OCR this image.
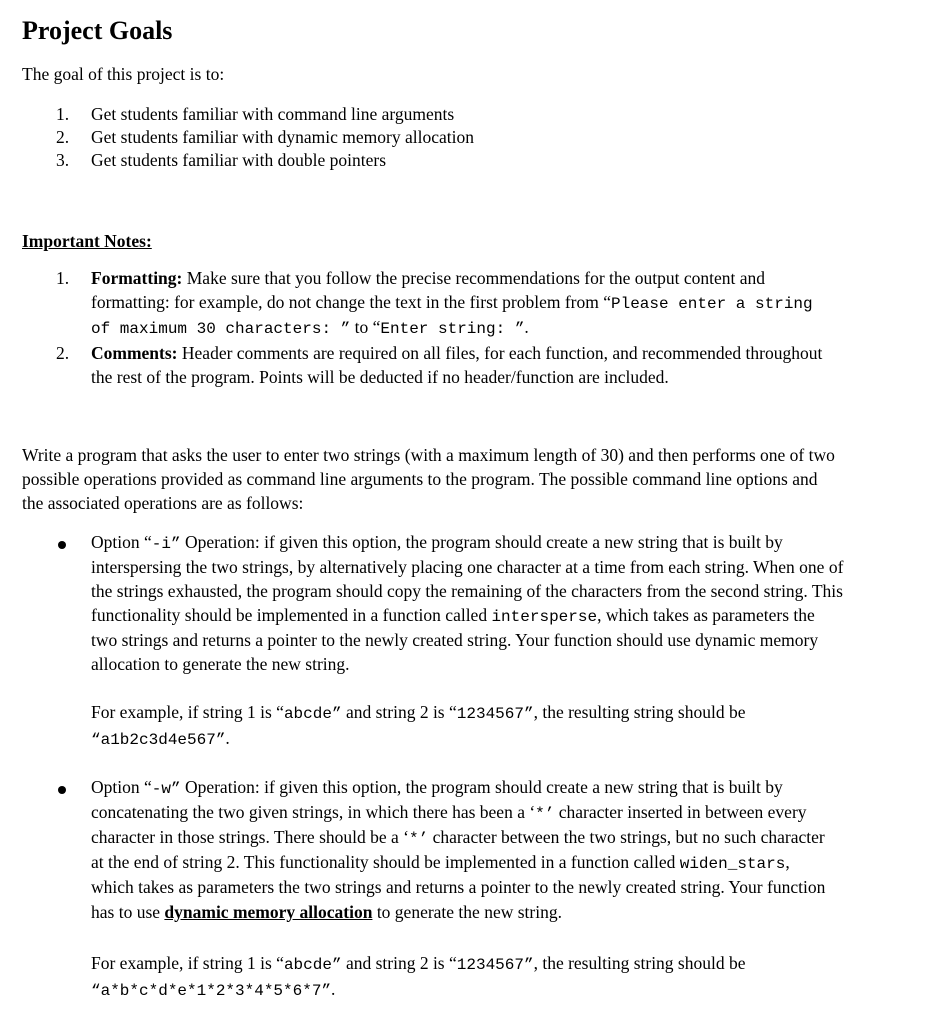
Project Goals
The goal of this project is to:
1. Get students familiar with command line arguments
2. Get students familiar with dynamic memory allocation
3. Get students familiar with double pointers
Important Notes:
1. Formatting: Make sure that you follow the precise recommendations for the output content and
formatting: for example, do not change the text in the first problem from “Please enter a string
of maximum 30 characters: ” to “Enter string: ”.
2. Comments: Header comments are required on all files, for each function, and recommended throughout
the rest of the program. Points will be deducted if no header/function are included.
Write a program that asks the user to enter two strings (with a maximum length of 30) and then performs one of two
possible operations provided as command line arguments to the program. The possible command line options and
the associated operations are as follows:
Option “-i” Operation: if given this option, the program should create a new string that is built by
interspersing the two strings, by alternatively placing one character at a time from each string. When one of
the strings exhausted, the program should copy the remaining of the characters from the second string. This
functionality should be implemented in a function called intersperse, which takes as parameters the
two strings and returns a pointer to the newly created string. Your function should use dynamic memory
allocation to generate the new string.
For example, if string 1 is “abcde” and string 2 is “1234567”, the resulting string should be
“a1b2c3d4e567”.
Option “-w” Operation: if given this option, the program should create a new string that is built by
concatenating the two given strings, in which there has been a ‘*’ character inserted in between every
character in those strings. There should be a ‘*’ character between the two strings, but no such character
at the end of string 2. This functionality should be implemented in a function called widen_stars,
which takes as parameters the two strings and returns a pointer to the newly created string. Your function
has to use dynamic memory allocation to generate the new string.
For example, if string 1 is “abcde” and string 2 is “1234567”, the resulting string should be
“a*b*c*d*e*1*2*3*4*5*6*7”.
